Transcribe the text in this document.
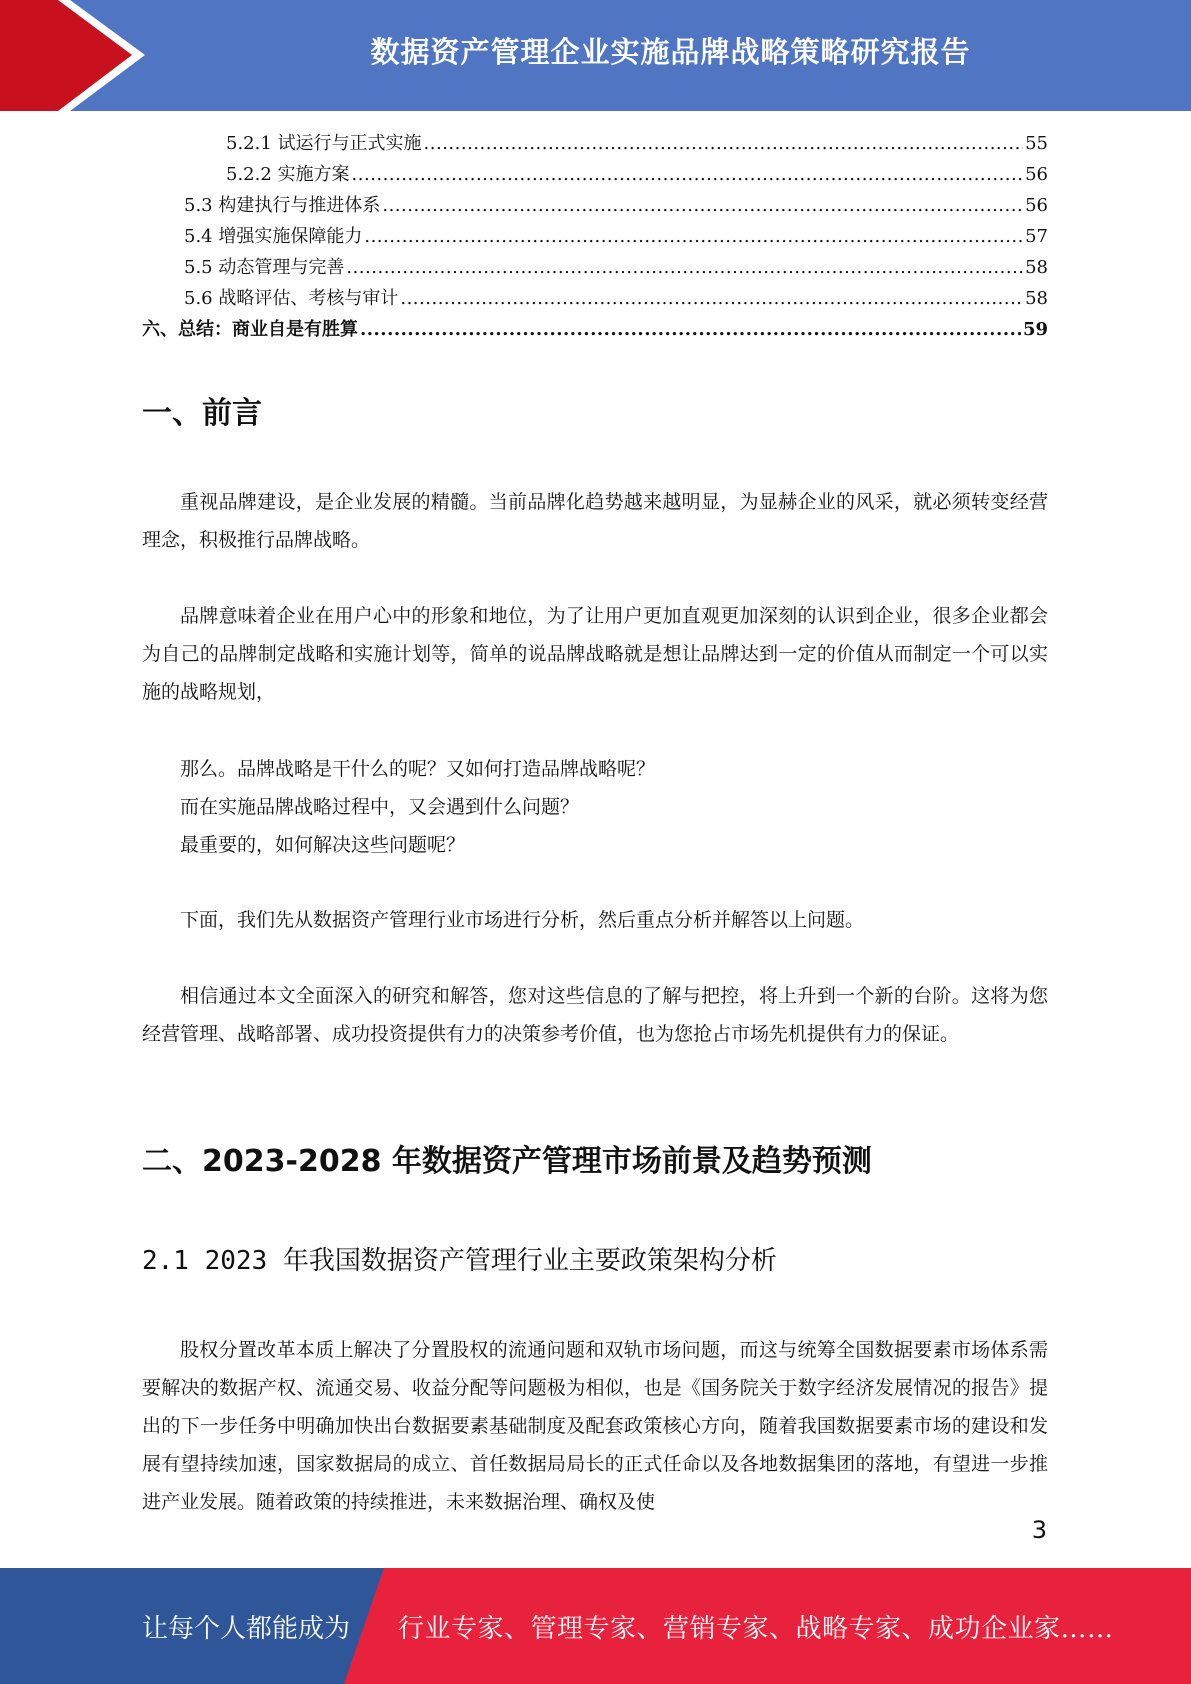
数据资产管理企业实施品牌战略策略研究报告
5.2.1 试运行与正式实施 .....	55
5.2.2 实施方案 .....	56
5.3 构建执行与推进体系 .....	56
5.4 增强实施保障能力 .....	57
5.5 动态管理与完善 .....	58
5.6 战略评估、考核与审计 .....	58
六、总结：商业自是有胜算 .....	59
一、前言

重视品牌建设，是企业发展的精髓。当前品牌化趋势越来越明显，为显赫企业的风采，就必须转变经营理念，积极推行品牌战略。

品牌意味着企业在用户心中的形象和地位，为了让用户更加直观更加深刻的认识到企业，很多企业都会为自己的品牌制定战略和实施计划等，简单的说品牌战略就是想让品牌达到一定的价值从而制定一个可以实施的战略规划，

那么。品牌战略是干什么的呢？又如何打造品牌战略呢？

而在实施品牌战略过程中，又会遇到什么问题？

最重要的，如何解决这些问题呢？

下面，我们先从数据资产管理行业市场进行分析，然后重点分析并解答以上问题。

相信通过本文全面深入的研究和解答，您对这些信息的了解与把控，将上升到一个新的台阶。这将为您经营管理、战略部署、成功投资提供有力的决策参考价值，也为您抢占市场先机提供有力的保证。

二、2023-2028 年数据资产管理市场前景及趋势预测
2.1 2023 年我国数据资产管理行业主要政策架构分析

股权分置改革本质上解决了分置股权的流通问题和双轨市场问题，而这与统筹全国数据要素市场体系需要解决的数据产权、流通交易、收益分配等问题极为相似，也是《国务院关于数字经济发展情况的报告》提出的下一步任务中明确加快出台数据要素基础制度及配套政策核心方向，随着我国数据要素市场的建设和发展有望持续加速，国家数据局的成立、首任数据局局长的正式任命以及各地数据集团的落地，有望进一步推进产业发展。随着政策的持续推进，未来数据治理、确权及使

3
让每个人都能成为 行业专家、管理专家、营销专家、战略专家、成功企业家……
